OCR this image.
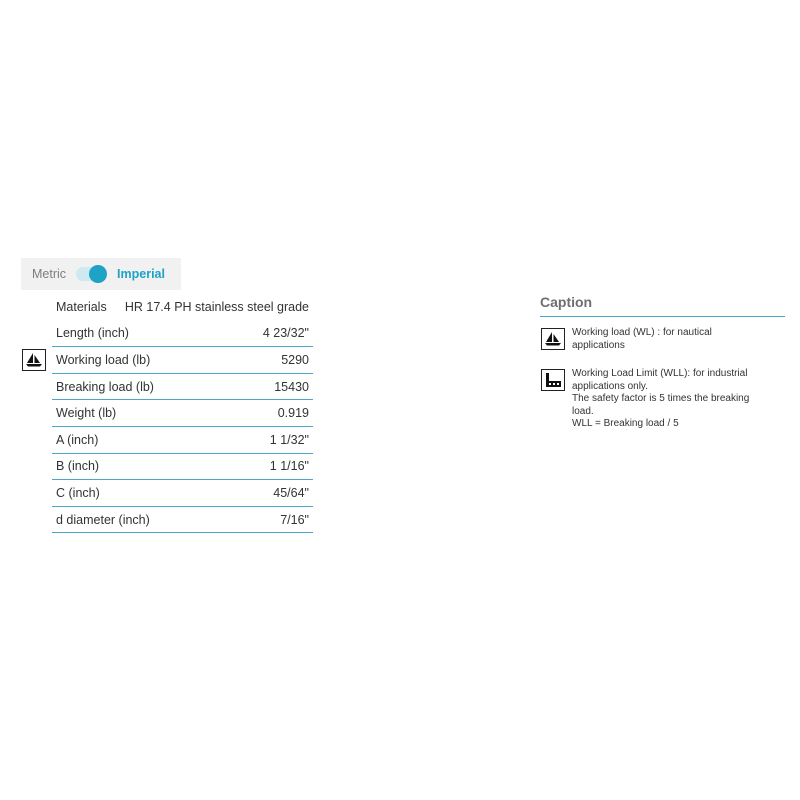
Metric	Imperial
Materials HR 17.4 PH stainless steel grade
Length (inch)	4 23/32"
Working load (lb)	5290
Breaking load (lb)	15430
Weight (lb)	0.919
A (inch)	1 1/32"
B (inch)	1 1/16"
C (inch)	45/64"
d diameter (inch)	7/16"
Caption
Working load (WL) : for nautical
applications
Working Load Limit (WLL): for industrial
applications only.
The safety factor is 5 times the breaking
load.
WLL = Breaking load / 5
